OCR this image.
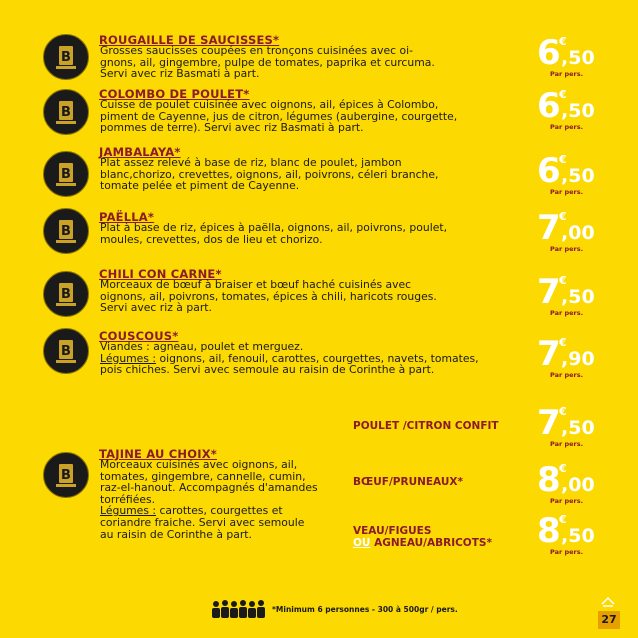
B
ROUGAILLE DE SAUCISSES*
Grosses saucisses coupées en tronçons cuisinées avec oi-
gnons, ail, gingembre, pulpe de tomates, paprika et curcuma.
Servi avec riz Basmati à part.
6
€
,50
Par pers.
B
COLOMBO DE POULET*
Cuisse de poulet cuisinée avec oignons, ail, épices à Colombo,
piment de Cayenne, jus de citron, légumes (aubergine, courgette,
pommes de terre). Servi avec riz Basmati à part.
6
€
,50
Par pers.
B
JAMBALAYA*
Plat assez relevé à base de riz, blanc de poulet, jambon
blanc,chorizo, crevettes, oignons, ail, poivrons, céleri branche,
tomate pelée et piment de Cayenne.	6
€
,50
Par pers.
B
PAËLLA*
Plat à base de riz, épices à paëlla, oignons, ail, poivrons, poulet,
moules, crevettes, dos de lieu et chorizo.	7
€
,00
Par pers.
B
CHILI CON CARNE*
Morceaux de bœuf à braiser et bœuf haché cuisinés avec
oignons, ail, poivrons, tomates, épices à chili, haricots rouges.
Servi avec riz à part.	7
€
,50
Par pers.
B
COUSCOUS*
Viandes : agneau, poulet et merguez.
Légumes : oignons, ail, fenouil, carottes, courgettes, navets, tomates,
pois chiches. Servi avec semoule au raisin de Corinthe à part.	7
€
,90
Par pers.
B
TAJINE AU CHOIX*
Morceaux cuisinés avec oignons, ail,
tomates, gingembre, cannelle, cumin,
raz-el-hanout. Accompagnés d'amandes
torréfiées.
Légumes : carottes, courgettes et
coriandre fraiche. Servi avec semoule
au raisin de Corinthe à part.
POULET /CITRON CONFIT 7
€
,50
Par pers.
BŒUF/PRUNEAUX* 8
€
,00
Par pers.
VEAU/FIGUES
OU AGNEAU/ABRICOTS* 8
€
,50
Par pers.
*Minimum 6 personnes - 300 à 500gr / pers.
27
